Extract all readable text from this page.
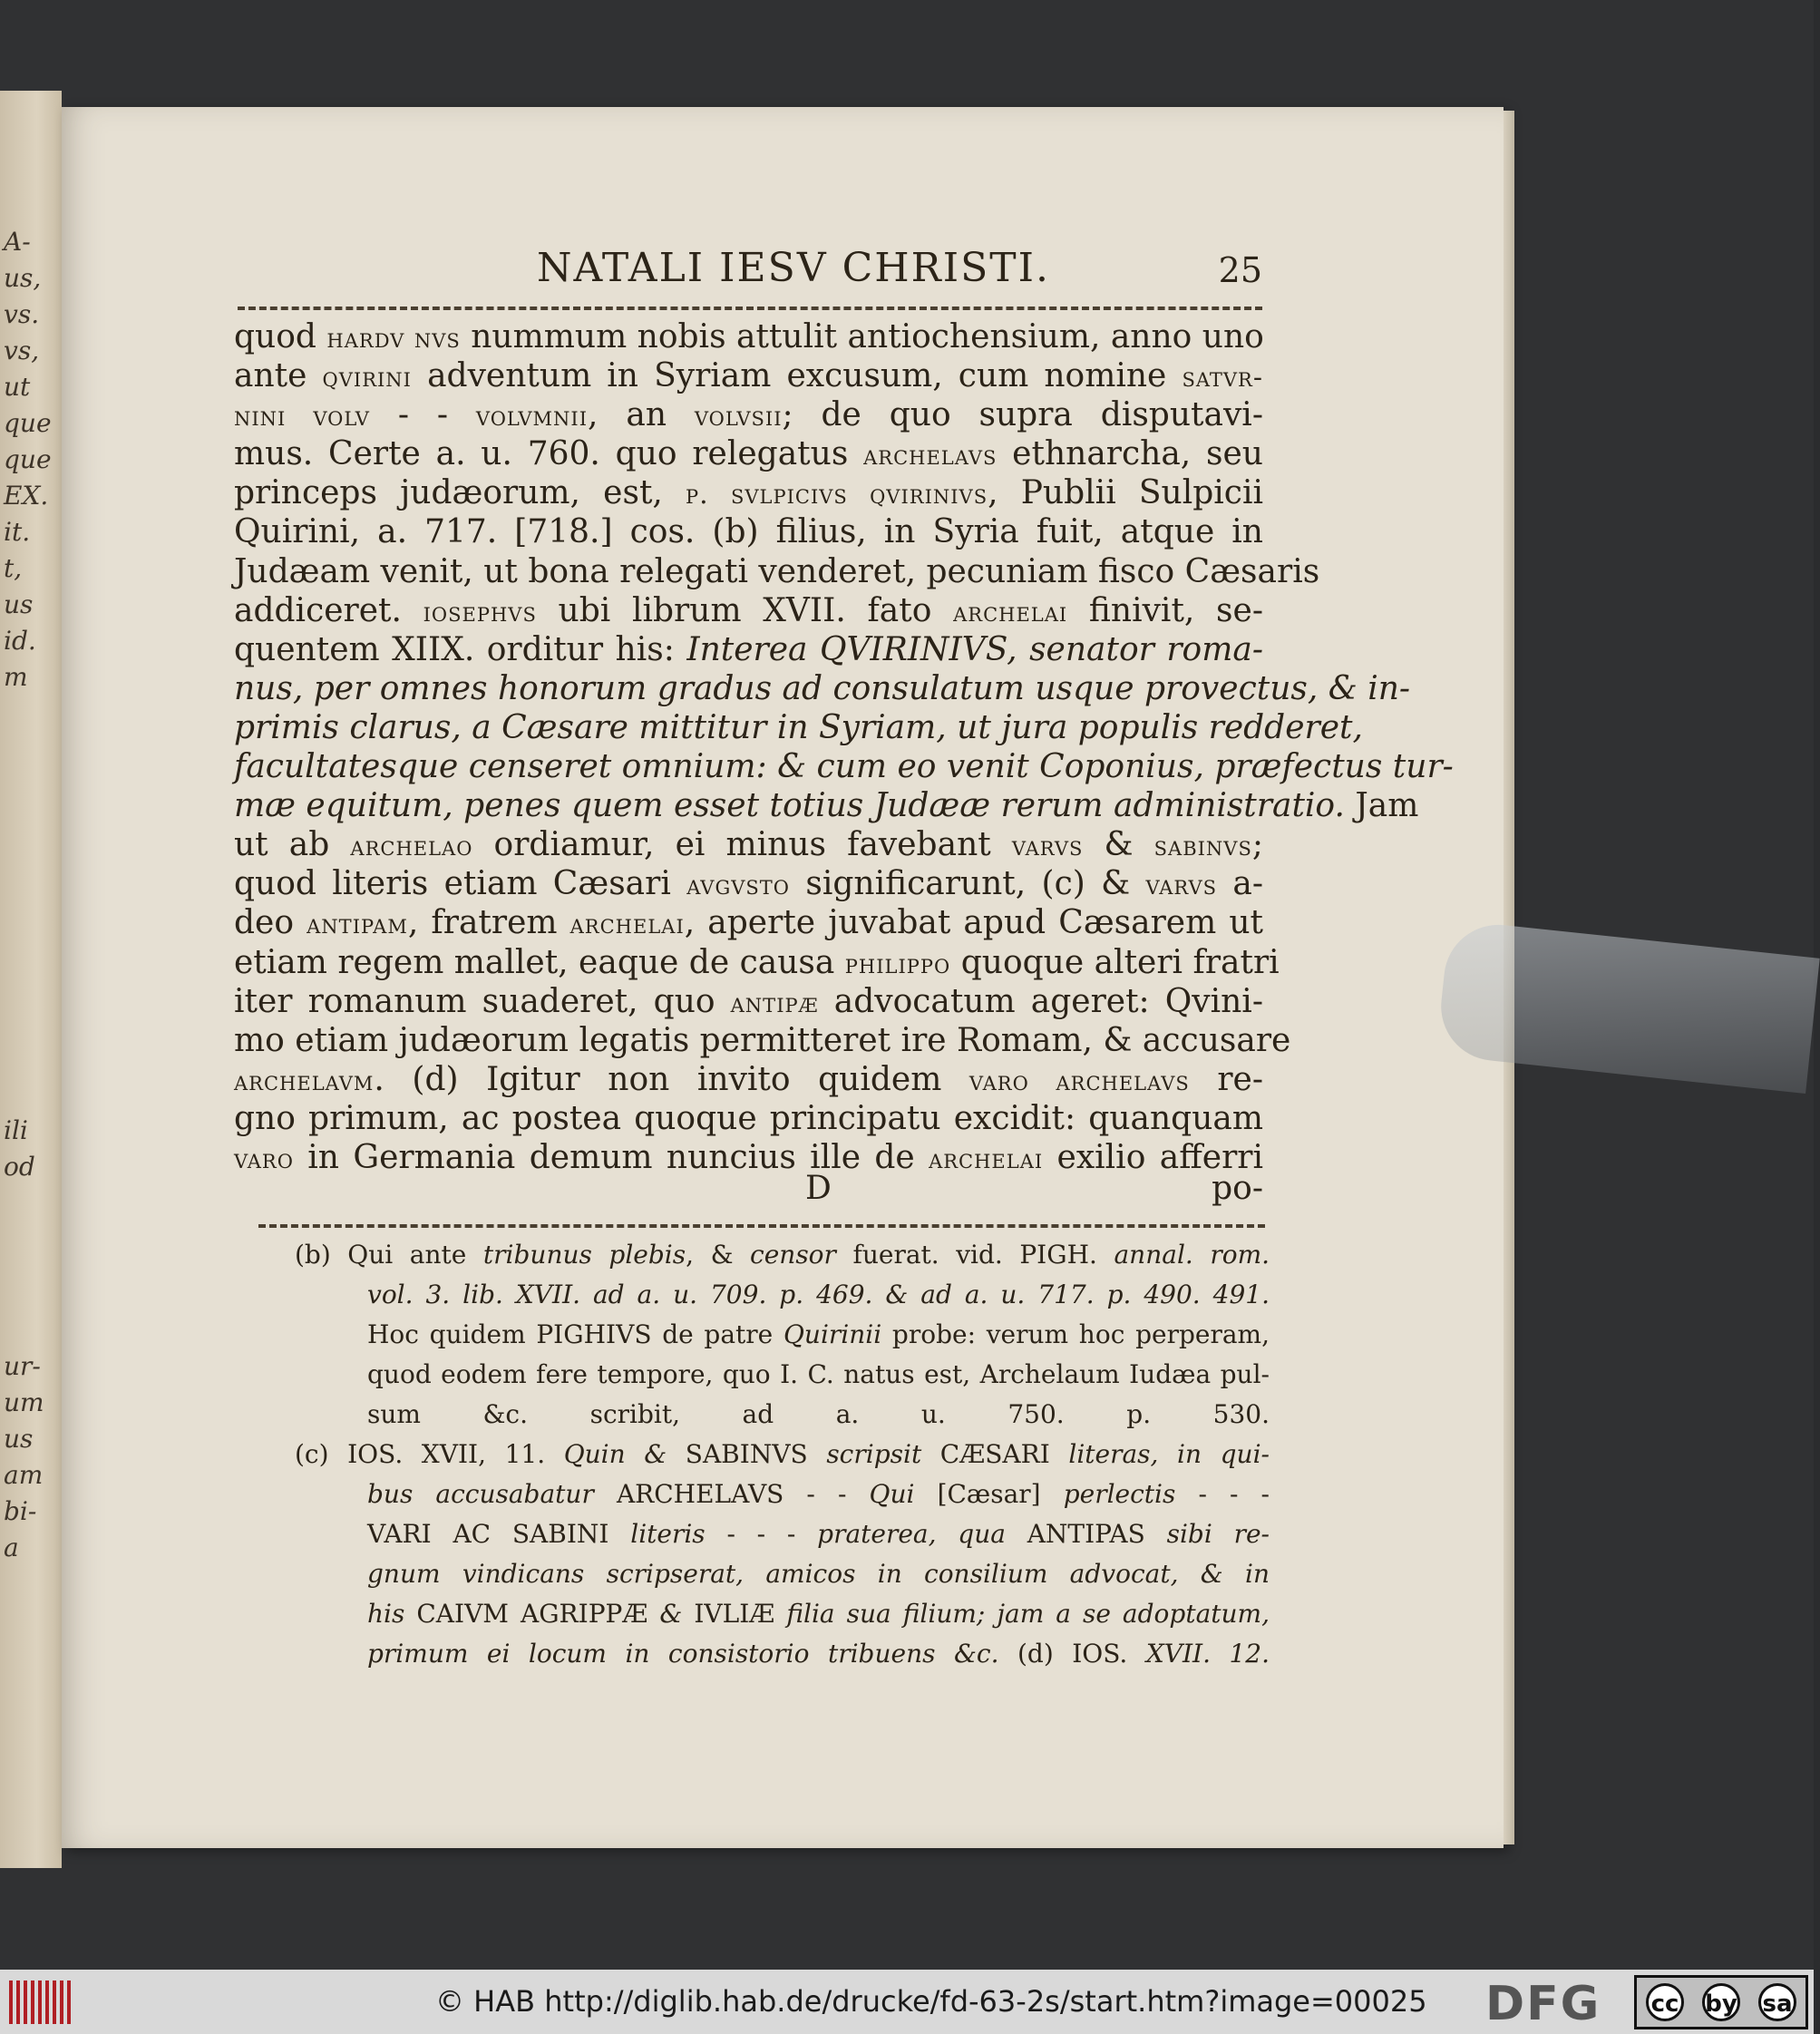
A-
us,
vs.
vs,
ut
que
que
EX.
it.
t,
us
id.
m
ili
od
ur-
um
us
am
bi-
a
NATALI IESV CHRISTI.	25
quod hardv nvs nummum nobis attulit antiochensium, anno uno
ante qvirini adventum in Syriam excusum, cum nomine satvr-
nini volv - - volvmnii, an volvsii; de quo supra disputavi-
mus. Certe a. u. 760. quo relegatus archelavs ethnarcha, seu
princeps judæorum, est, p. svlpicivs qvirinivs, Publii Sulpicii
Quirini, a. 717. [718.] cos. (b) filius, in Syria fuit, atque in
Judæam venit, ut bona relegati venderet, pecuniam fisco Cæsaris
addiceret. iosephvs ubi librum XVII. fato archelai finivit, se-
quentem XIIX. orditur his: Interea QVIRINIVS, senator roma-
nus, per omnes honorum gradus ad consulatum usque provectus, & in-
primis clarus, a Cæsare mittitur in Syriam, ut jura populis redderet,
facultatesque censeret omnium: & cum eo venit Coponius, præfectus tur-
mæ equitum, penes quem esset totius Judææ rerum administratio. Jam
ut ab archelao ordiamur, ei minus favebant varvs & sabinvs;
quod literis etiam Cæsari avgvsto significarunt, (c) & varvs a-
deo antipam, fratrem archelai, aperte juvabat apud Cæsarem ut
etiam regem mallet, eaque de causa philippo quoque alteri fratri
iter romanum suaderet, quo antipæ advocatum ageret: Qvini-
mo etiam judæorum legatis permitteret ire Romam, & accusare
archelavm. (d) Igitur non invito quidem varo archelavs re-
gno primum, ac postea quoque principatu excidit: quanquam
varo in Germania demum nuncius ille de archelai exilio afferri
D	po-
(b) Qui ante tribunus plebis, & censor fuerat. vid. PIGH. annal. rom.
vol. 3. lib. XVII. ad a. u. 709. p. 469. & ad a. u. 717. p. 490. 491.
Hoc quidem PIGHIVS de patre Quirinii probe: verum hoc perperam,
quod eodem fere tempore, quo I. C. natus est, Archelaum Iudæa pul-
sum &c. scribit, ad a. u. 750. p. 530.
(c) IOS. XVII, 11. Quin & SABINVS scripsit CÆSARI literas, in qui-
bus accusabatur ARCHELAVS - - Qui [Cæsar] perlectis - - -
VARI AC SABINI literis - - - praterea, qua ANTIPAS sibi re-
gnum vindicans scripserat, amicos in consilium advocat, & in
his CAIVM AGRIPPÆ & IVLIÆ filia sua filium; jam a se adoptatum,
primum ei locum in consistorio tribuens &c. (d) IOS. XVII. 12.
© HAB http://diglib.hab.de/drucke/fd-63-2s/start.htm?image=00025 DFG cc by sa
